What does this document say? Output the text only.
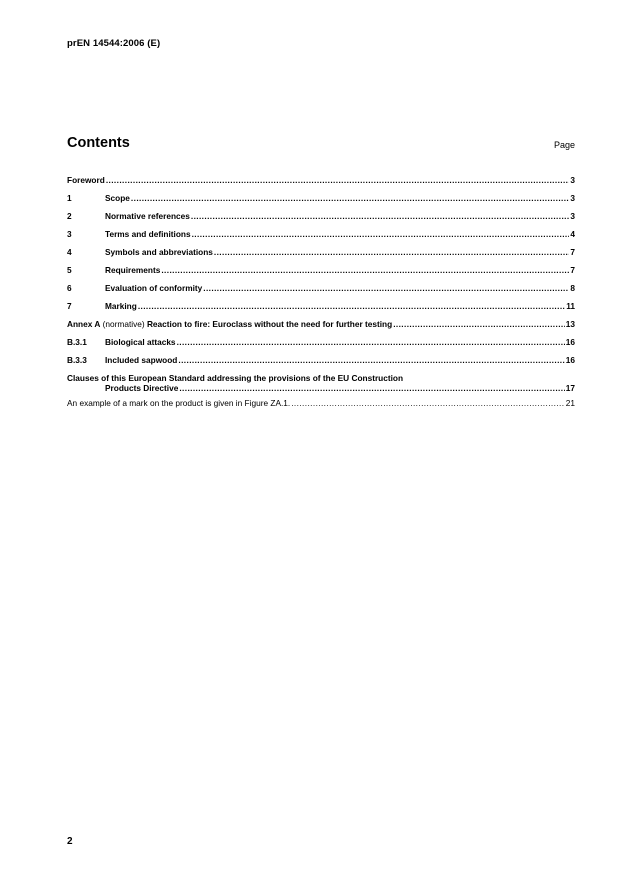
prEN 14544:2006 (E)
Contents	Page
Foreword .....	3
1	Scope .....	3
2	Normative references .....	3
3	Terms and definitions .....	4
4	Symbols and abbreviations .....	7
5	Requirements .....	7
6	Evaluation of conformity .....	8
7	Marking .....	11
Annex A (normative) Reaction to fire: Euroclass without the need for further testing .....	13
B.3.1	Biological attacks .....	16
B.3.3	Included sapwood .....	16
Clauses of this European Standard addressing the provisions of the EU Construction
Products Directive .....	17
An example of a mark on the product is given in Figure ZA.1. .....	21
2
